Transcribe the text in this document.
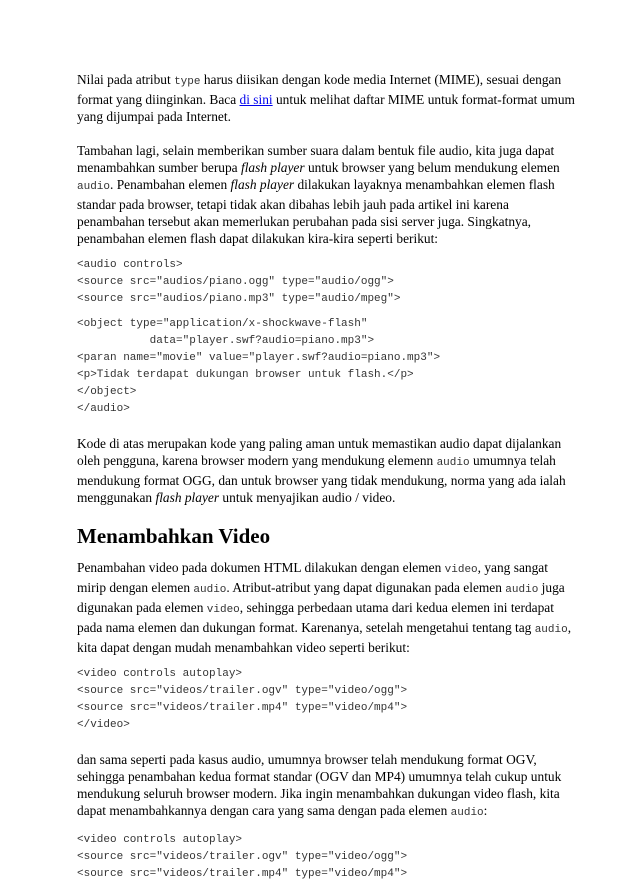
Nilai pada atribut type harus diisikan dengan kode media Internet (MIME), sesuai dengan format yang diinginkan. Baca di sini untuk melihat daftar MIME untuk format-format umum yang dijumpai pada Internet.

Tambahan lagi, selain memberikan sumber suara dalam bentuk file audio, kita juga dapat menambahkan sumber berupa flash player untuk browser yang belum mendukung elemen audio. Penambahan elemen flash player dilakukan layaknya menambahkan elemen flash standar pada browser, tetapi tidak akan dibahas lebih jauh pada artikel ini karena penambahan tersebut akan memerlukan perubahan pada sisi server juga. Singkatnya, penambahan elemen flash dapat dilakukan kira-kira seperti berikut:

<audio controls>
<source src="audios/piano.ogg" type="audio/ogg">
<source src="audios/piano.mp3" type="audio/mpeg">
<object type="application/x-shockwave-flash"
data="player.swf?audio=piano.mp3">
<paran name="movie" value="player.swf?audio=piano.mp3">
<p>Tidak terdapat dukungan browser untuk flash.</p>
</object>
</audio>

Kode di atas merupakan kode yang paling aman untuk memastikan audio dapat dijalankan oleh pengguna, karena browser modern yang mendukung elemenn audio umumnya telah mendukung format OGG, dan untuk browser yang tidak mendukung, norma yang ada ialah menggunakan flash player untuk menyajikan audio / video.

Menambahkan Video

Penambahan video pada dokumen HTML dilakukan dengan elemen video, yang sangat mirip dengan elemen audio. Atribut-atribut yang dapat digunakan pada elemen audio juga digunakan pada elemen video, sehingga perbedaan utama dari kedua elemen ini terdapat pada nama elemen dan dukungan format. Karenanya, setelah mengetahui tentang tag audio, kita dapat dengan mudah menambahkan video seperti berikut:

<video controls autoplay>
<source src="videos/trailer.ogv" type="video/ogg">
<source src="videos/trailer.mp4" type="video/mp4">
</video>

dan sama seperti pada kasus audio, umumnya browser telah mendukung format OGV, sehingga penambahan kedua format standar (OGV dan MP4) umumnya telah cukup untuk mendukung seluruh browser modern. Jika ingin menambahkan dukungan video flash, kita dapat menambahkannya dengan cara yang sama dengan pada elemen audio:

<video controls autoplay>
<source src="videos/trailer.ogv" type="video/ogg">
<source src="videos/trailer.mp4" type="video/mp4">
